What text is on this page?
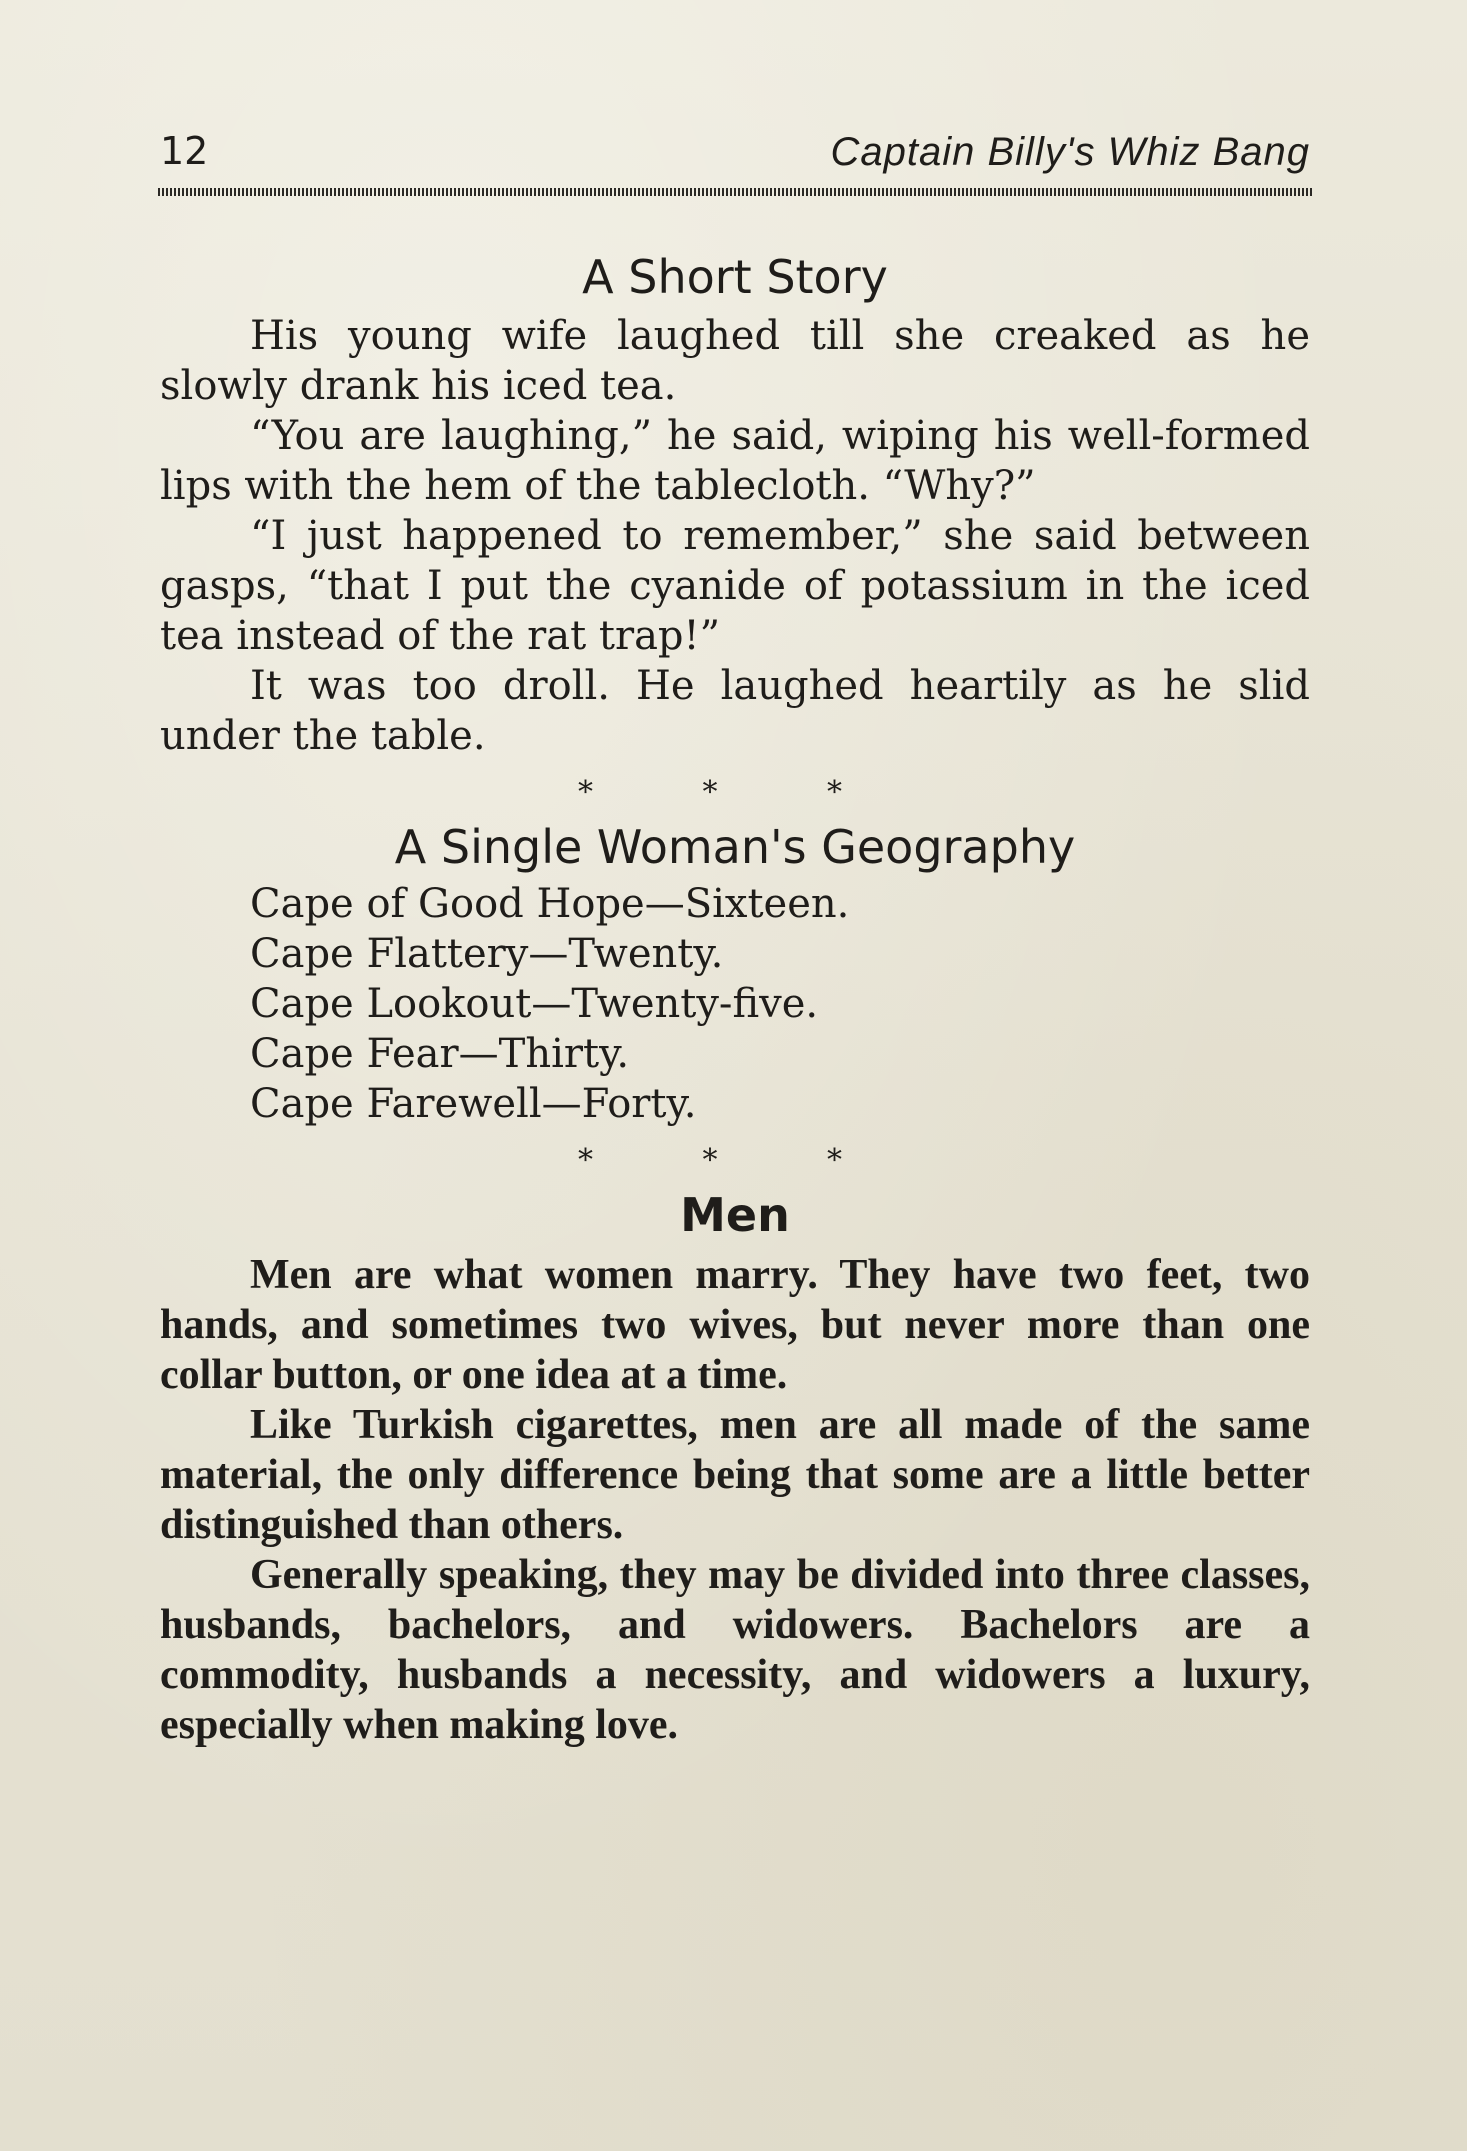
12	Captain Billy's Whiz Bang
A Short Story

His young wife laughed till she creaked as he slowly drank his iced tea.

“You are laughing,” he said, wiping his well-formed lips with the hem of the tablecloth. “Why?”

“I just happened to remember,” she said between gasps, “that I put the cyanide of potassium in the iced tea instead of the rat trap!”

It was too droll. He laughed heartily as he slid under the table.

* * *
A Single Woman's Geography
Cape of Good Hope—Sixteen.
Cape Flattery—Twenty.
Cape Lookout—Twenty-five.
Cape Fear—Thirty.
Cape Farewell—Forty.
* * *
Men

Men are what women marry. They have two feet, two hands, and sometimes two wives, but never more than one collar button, or one idea at a time.

Like Turkish cigarettes, men are all made of the same material, the only difference being that some are a little better distinguished than others.

Generally speaking, they may be divided into three classes, husbands, bachelors, and widowers. Bachelors are a commodity, husbands a necessity, and widowers a luxury, especially when making love.
